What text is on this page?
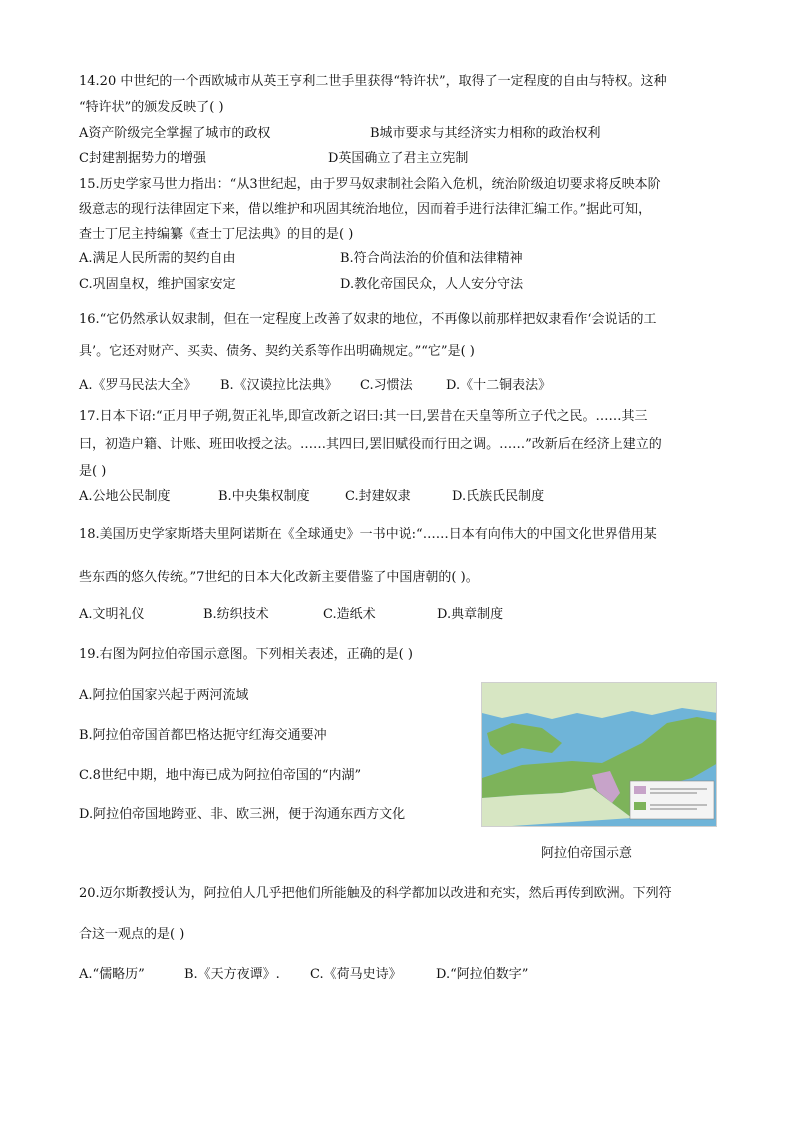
14.20 中世纪的一个西欧城市从英王亨利二世手里获得“特许状”，取得了一定程度的自由与特权。这种
“特许状”的颁发反映了( )
A资产阶级完全掌握了城市的政权	B城市要求与其经济实力相称的政治权利
C封建割据势力的增强	D英国确立了君主立宪制
15.历史学家马世力指出：“从3世纪起，由于罗马奴隶制社会陷入危机，统治阶级迫切要求将反映本阶
级意志的现行法律固定下来，借以维护和巩固其统治地位，因而着手进行法律汇编工作。”据此可知，
查士丁尼主持编纂《查士丁尼法典》的目的是( )
A.满足人民所需的契约自由	B.符合尚法治的价值和法律精神
C.巩固皇权，维护国家安定	D.教化帝国民众，人人安分守法
16.“它仍然承认奴隶制，但在一定程度上改善了奴隶的地位，不再像以前那样把奴隶看作‘会说话的工
具’。它还对财产、买卖、债务、契约关系等作出明确规定。”“它”是( )
A.《罗马民法大全》 B.《汉谟拉比法典》 C.习惯法	D.《十二铜表法》
17.日本下诏:“正月甲子朔,贺正礼毕,即宣改新之诏曰:其一曰,罢昔在天皇等所立子代之民。……其三
曰，初造户籍、计账、班田收授之法。……其四曰,罢旧赋役而行田之调。……”改新后在经济上建立的
是( )
A.公地公民制度	B.中央集权制度	C.封建奴隶	D.氏族氏民制度
18.美国历史学家斯塔夫里阿诺斯在《全球通史》一书中说:“……日本有向伟大的中国文化世界借用某
些东西的悠久传统。”7世纪的日本大化改新主要借鉴了中国唐朝的( )。
A.文明礼仪	B.纺织技术	C.造纸术	D.典章制度
19.右图为阿拉伯帝国示意图。下列相关表述，正确的是( )
A.阿拉伯国家兴起于两河流域
B.阿拉伯帝国首都巴格达扼守红海交通要冲
C.8世纪中期，地中海已成为阿拉伯帝国的“内湖”
D.阿拉伯帝国地跨亚、非、欧三洲，便于沟通东西方文化
阿拉伯帝国示意
20.迈尔斯教授认为，阿拉伯人几乎把他们所能触及的科学都加以改进和充实，然后再传到欧洲。下列符
合这一观点的是( )
A.“儒略历”	B.《天方夜谭》. C.《荷马史诗》	D.“阿拉伯数字”
